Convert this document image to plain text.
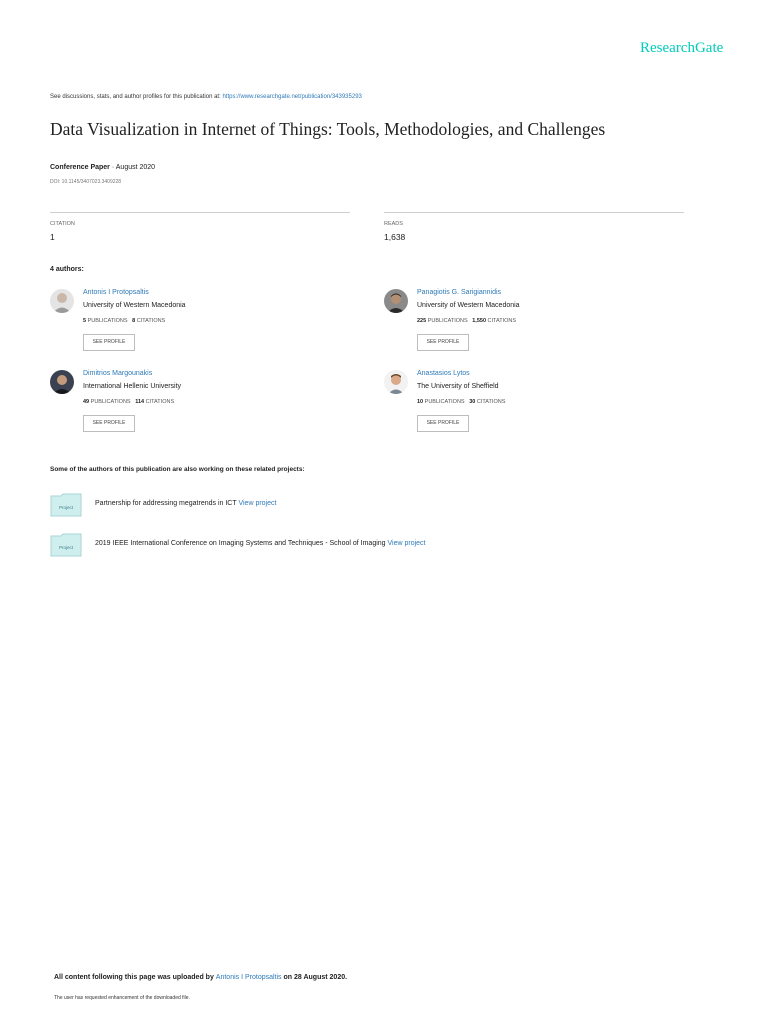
ResearchGate
See discussions, stats, and author profiles for this publication at: https://www.researchgate.net/publication/343935293
Data Visualization in Internet of Things: Tools, Methodologies, and Challenges
Conference Paper · August 2020
DOI: 10.1145/3407023.3409228
CITATION
1
READS
1,638
4 authors:
Antonis I Protopsaltis
University of Western Macedonia
5 PUBLICATIONS 8 CITATIONS
SEE PROFILE
Panagiotis G. Sarigiannidis
University of Western Macedonia
225 PUBLICATIONS 1,550 CITATIONS
SEE PROFILE
Dimitrios Margounakis
International Hellenic University
49 PUBLICATIONS 114 CITATIONS
SEE PROFILE
Anastasios Lytos
The University of Sheffield
10 PUBLICATIONS 30 CITATIONS
SEE PROFILE
Some of the authors of this publication are also working on these related projects:
Project
Partnership for addressing megatrends in ICT View project
Project
2019 IEEE International Conference on Imaging Systems and Techniques - School of Imaging View project
All content following this page was uploaded by Antonis I Protopsaltis on 28 August 2020.
The user has requested enhancement of the downloaded file.
